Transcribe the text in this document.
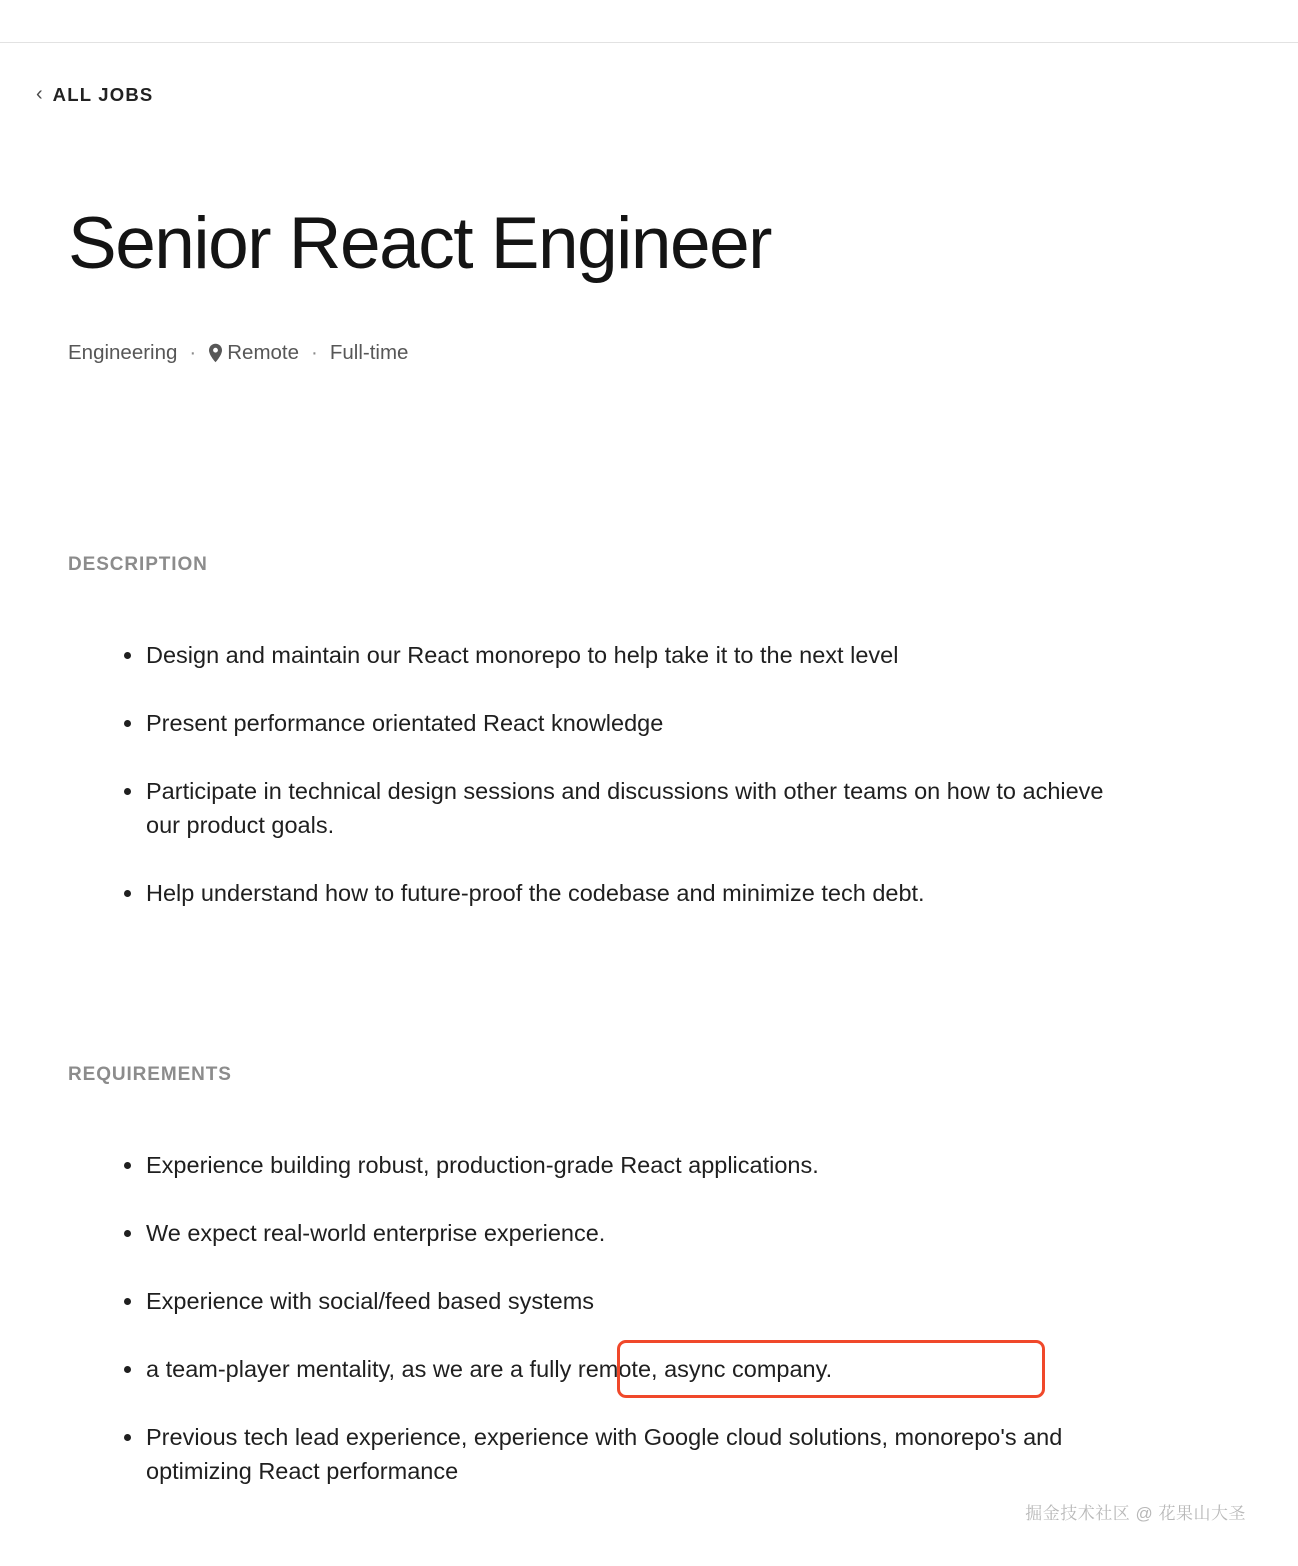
‹ ALL JOBS
Senior React Engineer
Engineering · Remote · Full-time
DESCRIPTION
Design and maintain our React monorepo to help take it to the next level
Present performance orientated React knowledge
Participate in technical design sessions and discussions with other teams on how to achieve our product goals.
Help understand how to future-proof the codebase and minimize tech debt.
REQUIREMENTS
Experience building robust, production-grade React applications.
We expect real-world enterprise experience.
Experience with social/feed based systems
a team-player mentality, as we are a fully remote, async company.
Previous tech lead experience, experience with Google cloud solutions, monorepo's and optimizing React performance
掘金技术社区 @ 花果山大圣
